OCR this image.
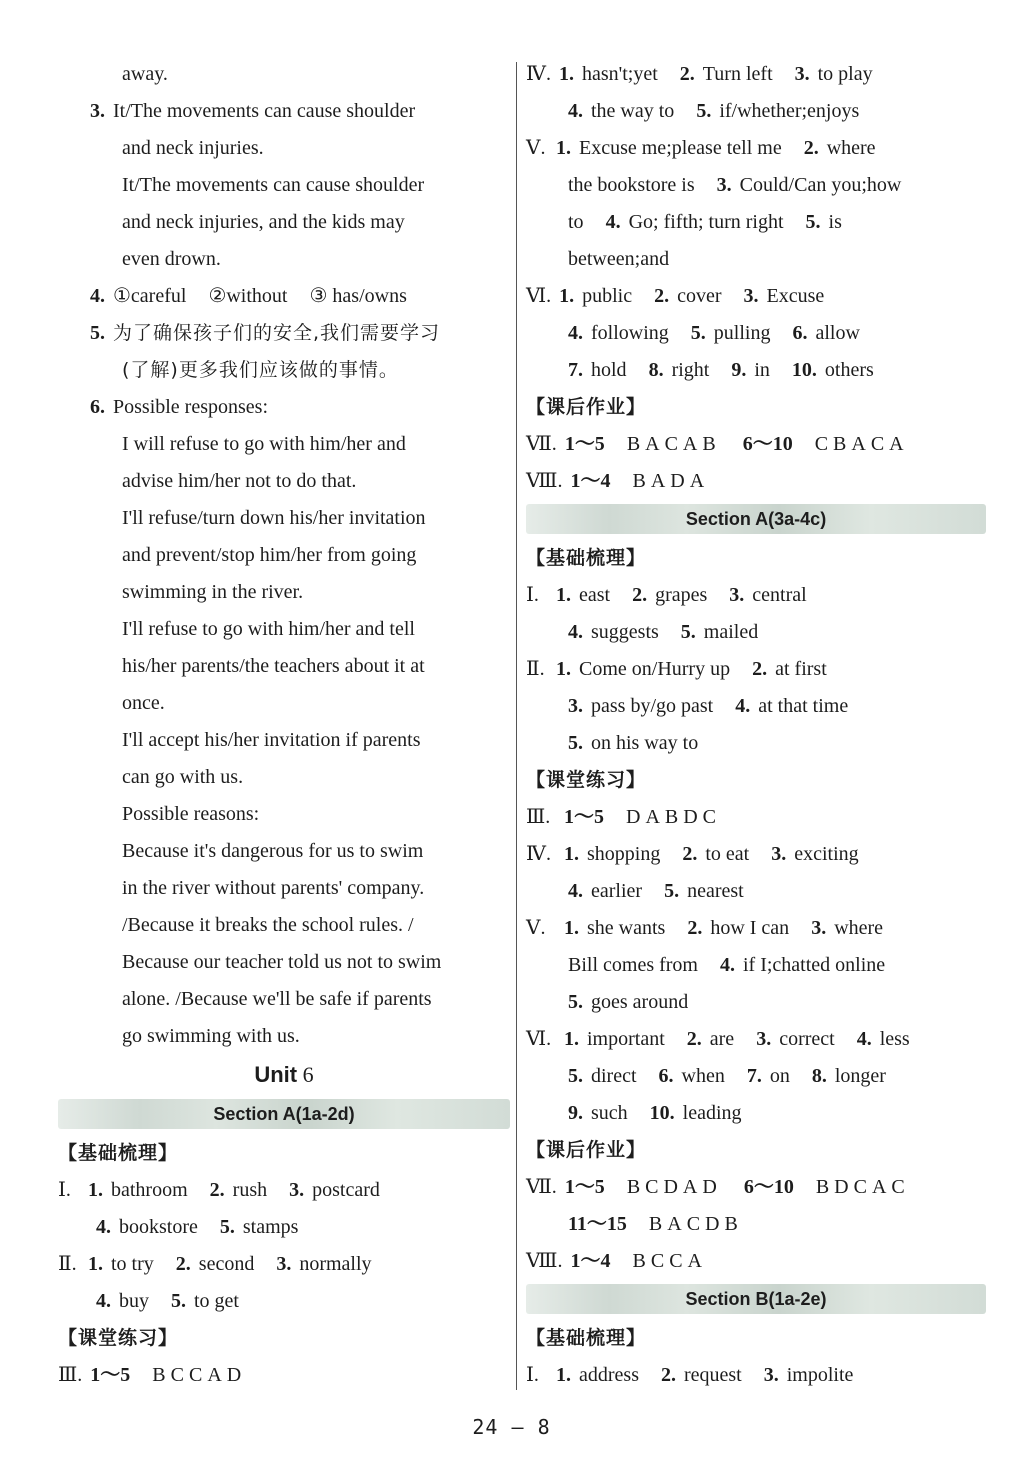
away.
3. It/The movements can cause shoulder
and neck injuries.
It/The movements can cause shoulder
and neck injuries, and the kids may
even drown.
4. ①careful ②without ③ has/owns
5. 为了确保孩子们的安全,我们需要学习
(了解)更多我们应该做的事情。
6. Possible responses:
I will refuse to go with him/her and
advise him/her not to do that.
I'll refuse/turn down his/her invitation
and prevent/stop him/her from going
swimming in the river.
I'll refuse to go with him/her and tell
his/her parents/the teachers about it at
once.
I'll accept his/her invitation if parents
can go with us.
Possible reasons:
Because it's dangerous for us to swim
in the river without parents' company.
/Because it breaks the school rules. /
Because our teacher told us not to swim
alone. /Because we'll be safe if parents
go swimming with us.
Unit 6
Section A(1a-2d)
【基础梳理】
Ⅰ. 1. bathroom 2. rush 3. postcard
4. bookstore 5. stamps
Ⅱ. 1. to try 2. second 3. normally
4. buy 5. to get
【课堂练习】
Ⅲ. 1～5 BCCAD
Ⅳ. 1. hasn't;yet 2. Turn left 3. to play
4. the way to 5. if/whether;enjoys
Ⅴ. 1. Excuse me;please tell me 2. where
the bookstore is 3. Could/Can you;how
to 4. Go; fifth; turn right 5. is
between;and
Ⅵ. 1. public 2. cover 3. Excuse
4. following 5. pulling 6. allow
7. hold 8. right 9. in 10. others
【课后作业】
Ⅶ. 1～5 BACAB 6～10 CBACA
Ⅷ. 1～4 BADA
Section A(3a-4c)
【基础梳理】
Ⅰ. 1. east 2. grapes 3. central
4. suggests 5. mailed
Ⅱ. 1. Come on/Hurry up 2. at first
3. pass by/go past 4. at that time
5. on his way to
【课堂练习】
Ⅲ. 1～5 DABDC
Ⅳ. 1. shopping 2. to eat 3. exciting
4. earlier 5. nearest
Ⅴ. 1. she wants 2. how I can 3. where
Bill comes from 4. if I;chatted online
5. goes around
Ⅵ. 1. important 2. are 3. correct 4. less
5. direct 6. when 7. on 8. longer
9. such 10. leading
【课后作业】
Ⅶ. 1～5 BCDAD 6～10 BDCAC
11～15 BACDB
Ⅷ. 1～4 BCCA
Section B(1a-2e)
【基础梳理】
Ⅰ. 1. address 2. request 3. impolite
24 — 8
